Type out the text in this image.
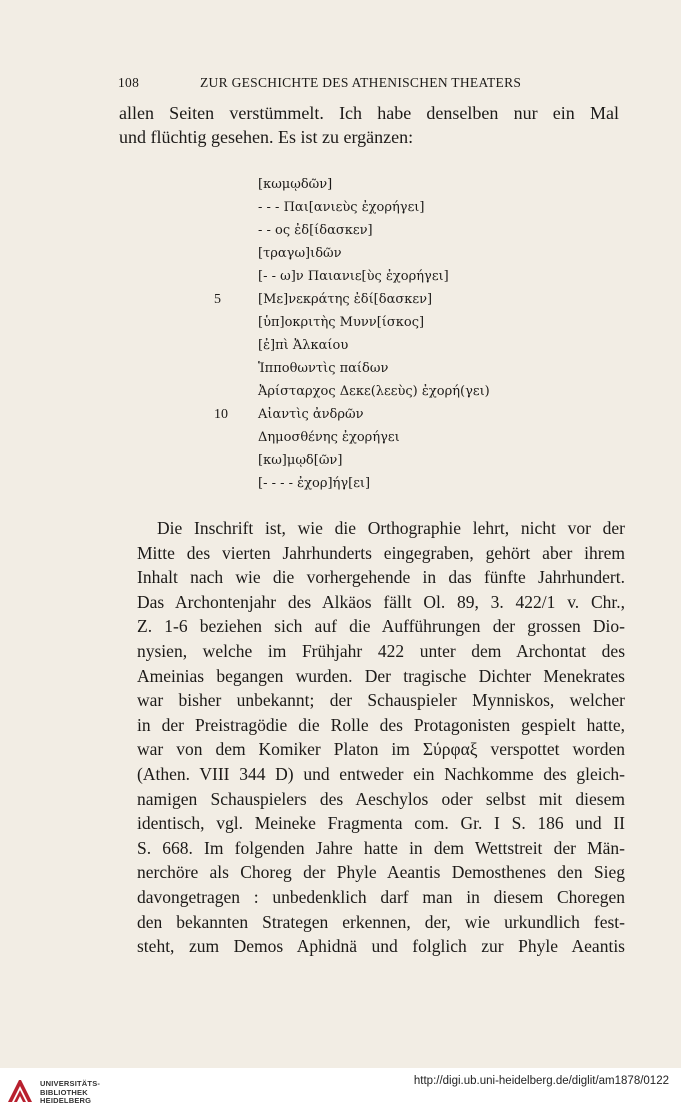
108	ZUR GESCHICHTE DES ATHENISCHEN THEATERS
allen Seiten verstümmelt. Ich habe denselben nur ein Mal
und flüchtig gesehen. Es ist zu ergänzen:
[κωμῳδῶν]
- - - Παι[ανιεὺς ἐχορήγει]
- - ος ἐδ[ίδασκεν]
[τραγω]ιδῶν
[- - ω]ν Παιανιε[ὺς ἐχορήγει]
5	[Με]νεκράτης ἐδί[δασκεν]
[ὑπ]οκριτὴς Μυνν[ίσκος]
[ἐ]πὶ Ἀλκαίου
Ἱπποθωντὶς παίδων
Ἀρίσταρχος Δεκε(λεεὺς) ἐχορή(γει)
10	Αἰαντὶς ἀνδρῶν
Δημοσθένης ἐχορήγει
[κω]μῳδ[ῶν]
[- - - - ἐχορ]ήγ[ει]
Die Inschrift ist, wie die Orthographie lehrt, nicht vor der
Mitte des vierten Jahrhunderts eingegraben, gehört aber ihrem
Inhalt nach wie die vorhergehende in das fünfte Jahrhundert.
Das Archontenjahr des Alkäos fällt Ol. 89, 3. 422/1 v. Chr.,
Z. 1-6 beziehen sich auf die Aufführungen der grossen Dio-
nysien, welche im Frühjahr 422 unter dem Archontat des
Ameinias begangen wurden. Der tragische Dichter Menekrates
war bisher unbekannt; der Schauspieler Mynniskos, welcher
in der Preistragödie die Rolle des Protagonisten gespielt hatte,
war von dem Komiker Platon im Σύρφαξ verspottet worden
(Athen. VIII 344 D) und entweder ein Nachkomme des gleich-
namigen Schauspielers des Aeschylos oder selbst mit diesem
identisch, vgl. Meineke Fragmenta com. Gr. I S. 186 und II
S. 668. Im folgenden Jahre hatte in dem Wettstreit der Män-
nerchöre als Choreg der Phyle Aeantis Demosthenes den Sieg
davongetragen : unbedenklich darf man in diesem Choregen
den bekannten Strategen erkennen, der, wie urkundlich fest-
steht, zum Demos Aphidnä und folglich zur Phyle Aeantis
UNIVERSITÄTS-
BIBLIOTHEK
HEIDELBERG
http://digi.ub.uni-heidelberg.de/diglit/am1878/0122
